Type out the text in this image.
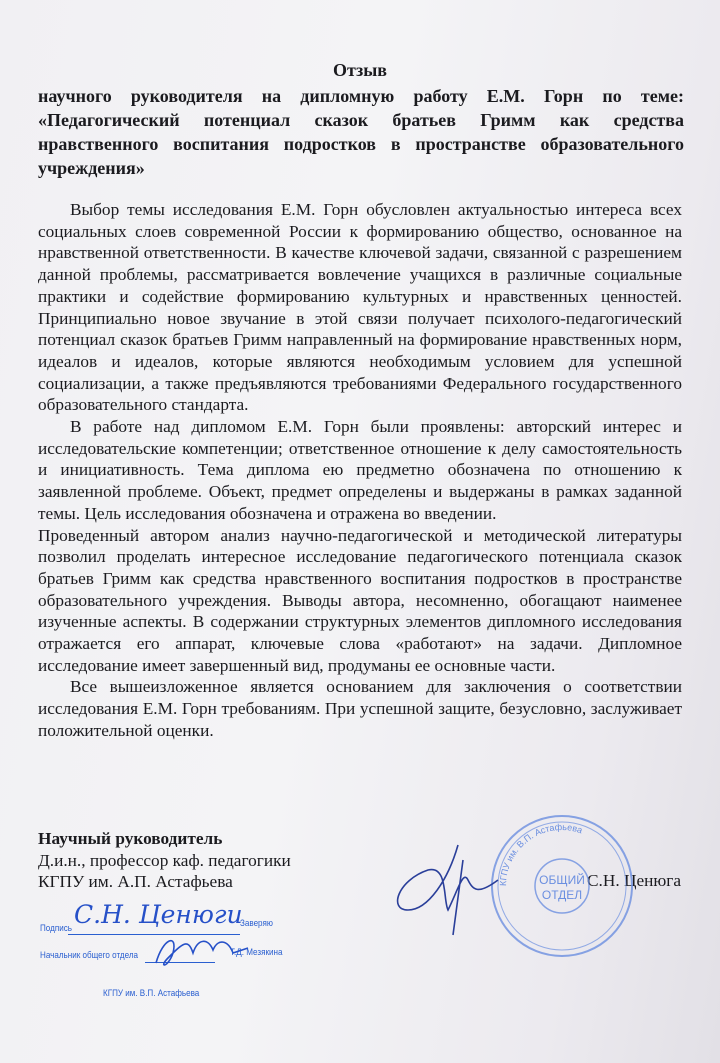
Отзыв
научного руководителя на дипломную работу Е.М. Горн по теме: «Педагогический потенциал сказок братьев Гримм как средства нравственного воспитания подростков в пространстве образовательного учреждения»

Выбор темы исследования Е.М. Горн обусловлен актуальностью интереса всех социальных слоев современной России к формированию общество, основанное на нравственной ответственности. В качестве ключевой задачи, связанной с разрешением данной проблемы, рассматривается вовлечение учащихся в различные социальные практики и содействие формированию культурных и нравственных ценностей. Принципиально новое звучание в этой связи получает психолого-педагогический потенциал сказок братьев Гримм направленный на формирование нравственных норм, идеалов и идеалов, которые являются необходимым условием для успешной социализации, а также предъявляются требованиями Федерального государственного образовательного стандарта.

В работе над дипломом Е.М. Горн были проявлены: авторский интерес и исследовательские компетенции; ответственное отношение к делу самостоятельность и инициативность. Тема диплома ею предметно обозначена по отношению к заявленной проблеме. Объект, предмет определены и выдержаны в рамках заданной темы. Цель исследования обозначена и отражена во введении.

Проведенный автором анализ научно-педагогической и методической литературы позволил проделать интересное исследование педагогического потенциала сказок братьев Гримм как средства нравственного воспитания подростков в пространстве образовательного учреждения. Выводы автора, несомненно, обогащают наименее изученные аспекты. В содержании структурных элементов дипломного исследования отражается его аппарат, ключевые слова «работают» на задачи. Дипломное исследование имеет завершенный вид, продуманы ее основные части.

Все вышеизложенное является основанием для заключения о соответствии исследования Е.М. Горн требованиям. При успешной защите, безусловно, заслуживает положительной оценки.

Научный руководитель
Д.и.н., профессор каф. педагогики
КГПУ им. А.П. Астафьева	С.Н. Ценюга
КГПУ им. В.П. Астафьева
ОБЩИЙ
ОТДЕЛ
Подпись С.Н. Ценюги
Заверяю
Начальник общего отдела	Т.Д. Мезякина
КГПУ им. В.П. Астафьева
